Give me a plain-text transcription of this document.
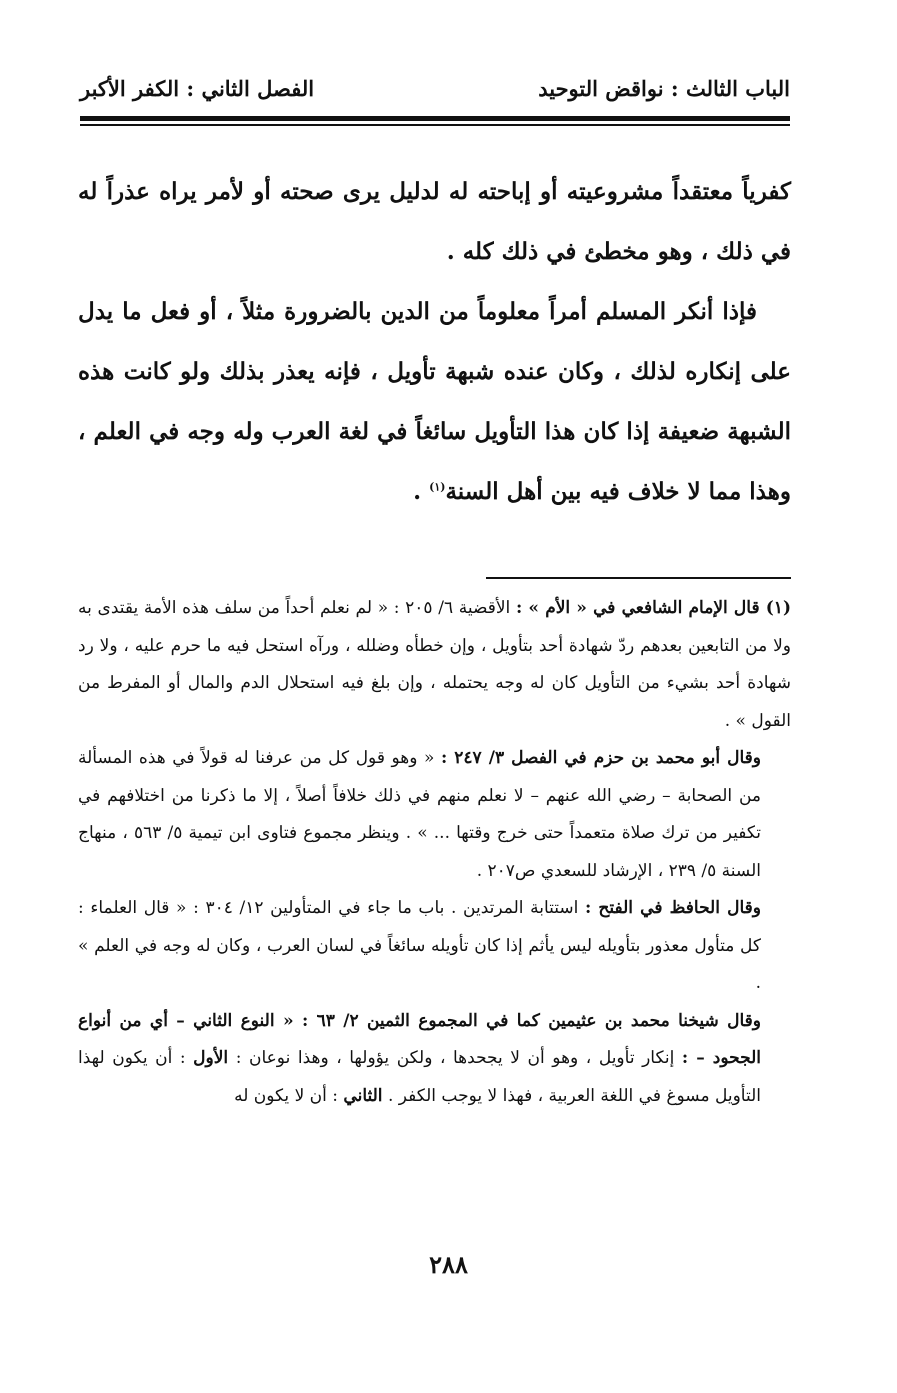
الباب الثالث : نواقض التوحيد
الفصل الثاني : الكفر الأكبر

كفرياً معتقداً مشروعيته أو إباحته له لدليل يرى صحته أو لأمر يراه عذراً له في ذلك ، وهو مخطئ في ذلك كله .

فإذا أنكر المسلم أمراً معلوماً من الدين بالضرورة مثلاً ، أو فعل ما يدل على إنكاره لذلك ، وكان عنده شبهة تأويل ، فإنه يعذر بذلك ولو كانت هذه الشبهة ضعيفة إذا كان هذا التأويل سائغاً في لغة العرب وله وجه في العلم ، وهذا مما لا خلاف فيه بين أهل السنة$^{(١)}$ .

(١) قال الإمام الشافعي في « الأم » : الأقضية ٦/ ٢٠٥ : « لم نعلم أحداً من سلف هذه الأمة يقتدى به ولا من التابعين بعدهم ردّ شهادة أحد بتأويل ، وإن خطأه وضلله ، ورآه استحل فيه ما حرم عليه ، ولا رد شهادة أحد بشيء من التأويل كان له وجه يحتمله ، وإن بلغ فيه استحلال الدم والمال أو المفرط من القول » .

وقال أبو محمد بن حزم في الفصل ٣/ ٢٤٧ : « وهو قول كل من عرفنا له قولاً في هذه المسألة من الصحابة – رضي الله عنهم – لا نعلم منهم في ذلك خلافاً أصلاً ، إلا ما ذكرنا من اختلافهم في تكفير من ترك صلاة متعمداً حتى خرج وقتها ... » . وينظر مجموع فتاوى ابن تيمية ٥/ ٥٦٣ ، منهاج السنة ٥/ ٢٣٩ ، الإرشاد للسعدي ص٢٠٧ .

وقال الحافظ في الفتح : استتابة المرتدين . باب ما جاء في المتأولين ١٢/ ٣٠٤ : « قال العلماء : كل متأول معذور بتأويله ليس يأثم إذا كان تأويله سائغاً في لسان العرب ، وكان له وجه في العلم » .

وقال شيخنا محمد بن عثيمين كما في المجموع الثمين ٢/ ٦٣ : « النوع الثاني – أي من أنواع الجحود – : إنكار تأويل ، وهو أن لا يجحدها ، ولكن يؤولها ، وهذا نوعان : الأول : أن يكون لهذا التأويل مسوغ في اللغة العربية ، فهذا لا يوجب الكفر . الثاني : أن لا يكون له

٢٨٨
